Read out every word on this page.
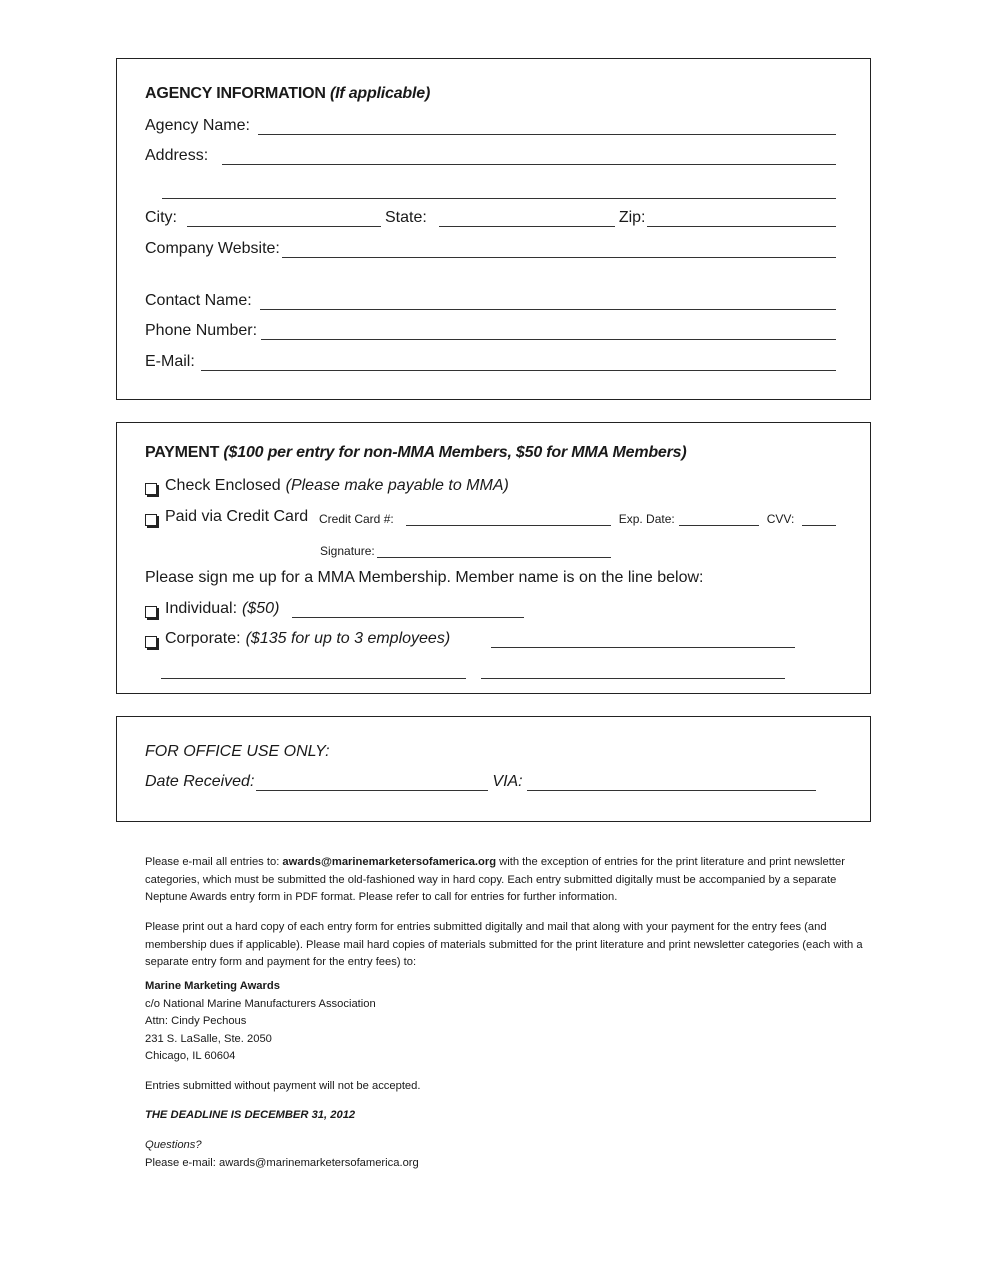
AGENCY INFORMATION (If applicable)
Agency Name:
Address:
City:	State:	Zip:
Company Website:
Contact Name:
Phone Number:
E-Mail:
PAYMENT ($100 per entry for non-MMA Members, $50 for MMA Members)
Check Enclosed (Please make payable to MMA)
Paid via Credit Card Credit Card #:	Exp. Date:	CVV:
Signature:
Please sign me up for a MMA Membership. Member name is on the line below:
Individual: ($50)
Corporate: ($135 for up to 3 employees)
FOR OFFICE USE ONLY:
Date Received:	VIA:

Please e-mail all entries to: awards@marinemarketersofamerica.org with the exception of entries for the print literature and print newsletter categories, which must be submitted the old-fashioned way in hard copy. Each entry submitted digitally must be accompanied by a separate Neptune Awards entry form in PDF format. Please refer to call for entries for further information.

Please print out a hard copy of each entry form for entries submitted digitally and mail that along with your payment for the entry fees (and membership dues if applicable). Please mail hard copies of materials submitted for the print literature and print newsletter categories (each with a separate entry form and payment for the entry fees) to:

Marine Marketing Awards

c/o National Marine Manufacturers Association

Attn: Cindy Pechous

231 S. LaSalle, Ste. 2050

Chicago, IL 60604

Entries submitted without payment will not be accepted.

THE DEADLINE IS DECEMBER 31, 2012

Questions?

Please e-mail: awards@marinemarketersofamerica.org
